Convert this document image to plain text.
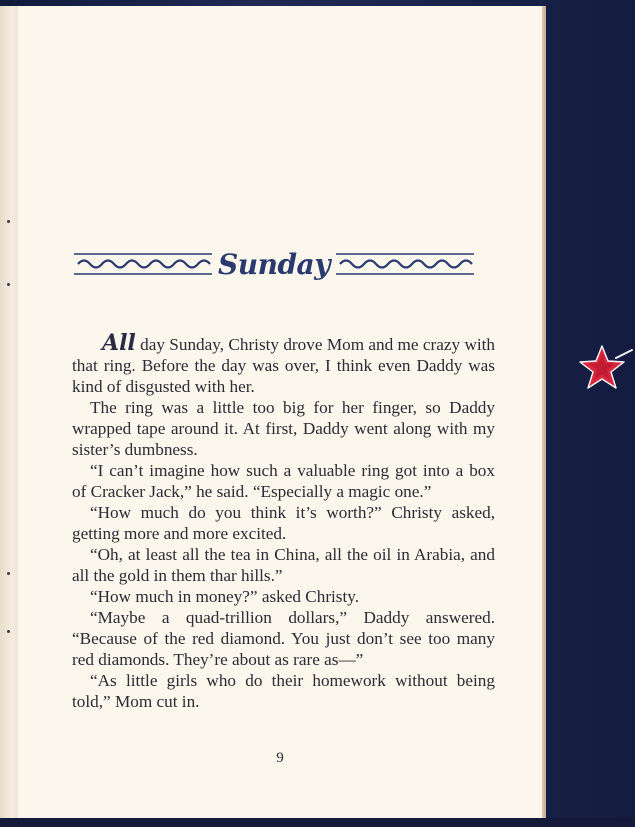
Sunday

All day Sunday, Christy drove Mom and me crazy with that ring. Before the day was over, I think even Daddy was kind of disgusted with her.

The ring was a little too big for her finger, so Daddy wrapped tape around it. At first, Daddy went along with my sister’s dumbness.

“I can’t imagine how such a valuable ring got into a box of Cracker Jack,” he said. “Especially a magic one.”

“How much do you think it’s worth?” Christy asked, getting more and more excited.

“Oh, at least all the tea in China, all the oil in Arabia, and all the gold in them thar hills.”

“How much in money?” asked Christy.

“Maybe a quad-trillion dollars,” Daddy answered. “Because of the red diamond. You just don’t see too many red diamonds. They’re about as rare as—”

“As little girls who do their homework without being told,” Mom cut in.

9
